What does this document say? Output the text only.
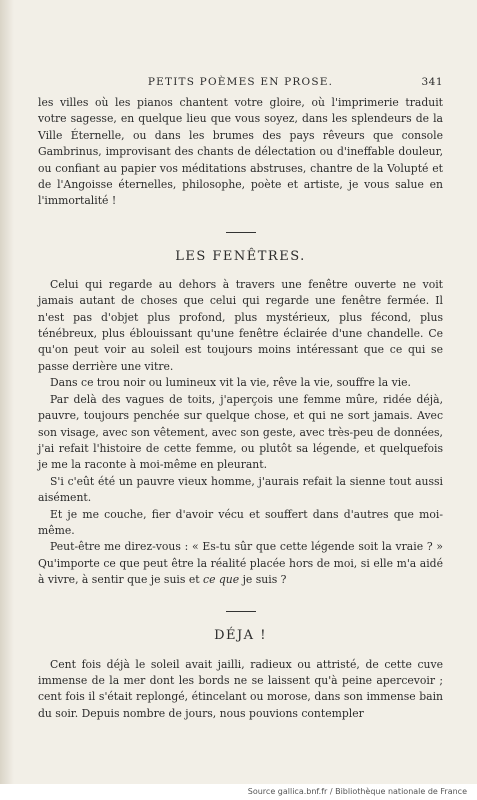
PETITS POÈMES EN PROSE.	341

les villes où les pianos chantent votre gloire, où l'imprimerie traduit votre sagesse, en quelque lieu que vous soyez, dans les splendeurs de la Ville Éternelle, ou dans les brumes des pays rêveurs que console Gambrinus, improvisant des chants de délectation ou d'ineffable douleur, ou confiant au papier vos méditations abstruses, chantre de la Volupté et de l'Angoisse éternelles, philosophe, poète et artiste, je vous salue en l'immortalité !

LES FENÊTRES.

Celui qui regarde au dehors à travers une fenêtre ouverte ne voit jamais autant de choses que celui qui regarde une fenêtre fermée. Il n'est pas d'objet plus profond, plus mystérieux, plus fécond, plus ténébreux, plus éblouissant qu'une fenêtre éclairée d'une chandelle. Ce qu'on peut voir au soleil est toujours moins intéressant que ce qui se passe derrière une vitre.

Dans ce trou noir ou lumineux vit la vie, rêve la vie, souffre la vie.

Par delà des vagues de toits, j'aperçois une femme mûre, ridée déjà, pauvre, toujours penchée sur quelque chose, et qui ne sort jamais. Avec son visage, avec son vêtement, avec son geste, avec très-peu de données, j'ai refait l'histoire de cette femme, ou plutôt sa légende, et quelquefois je me la raconte à moi-même en pleurant.

S'i c'eût été un pauvre vieux homme, j'aurais refait la sienne tout aussi aisément.

Et je me couche, fier d'avoir vécu et souffert dans d'autres que moi-même.

Peut-être me direz-vous : « Es-tu sûr que cette légende soit la vraie ? » Qu'importe ce que peut être la réalité placée hors de moi, si elle m'a aidé à vivre, à sentir que je suis et ce que je suis ?

DÉJA !

Cent fois déjà le soleil avait jailli, radieux ou attristé, de cette cuve immense de la mer dont les bords ne se laissent qu'à peine apercevoir ; cent fois il s'était replongé, étincelant ou morose, dans son immense bain du soir. Depuis nombre de jours, nous pouvions contempler

Source gallica.bnf.fr / Bibliothèque nationale de France
